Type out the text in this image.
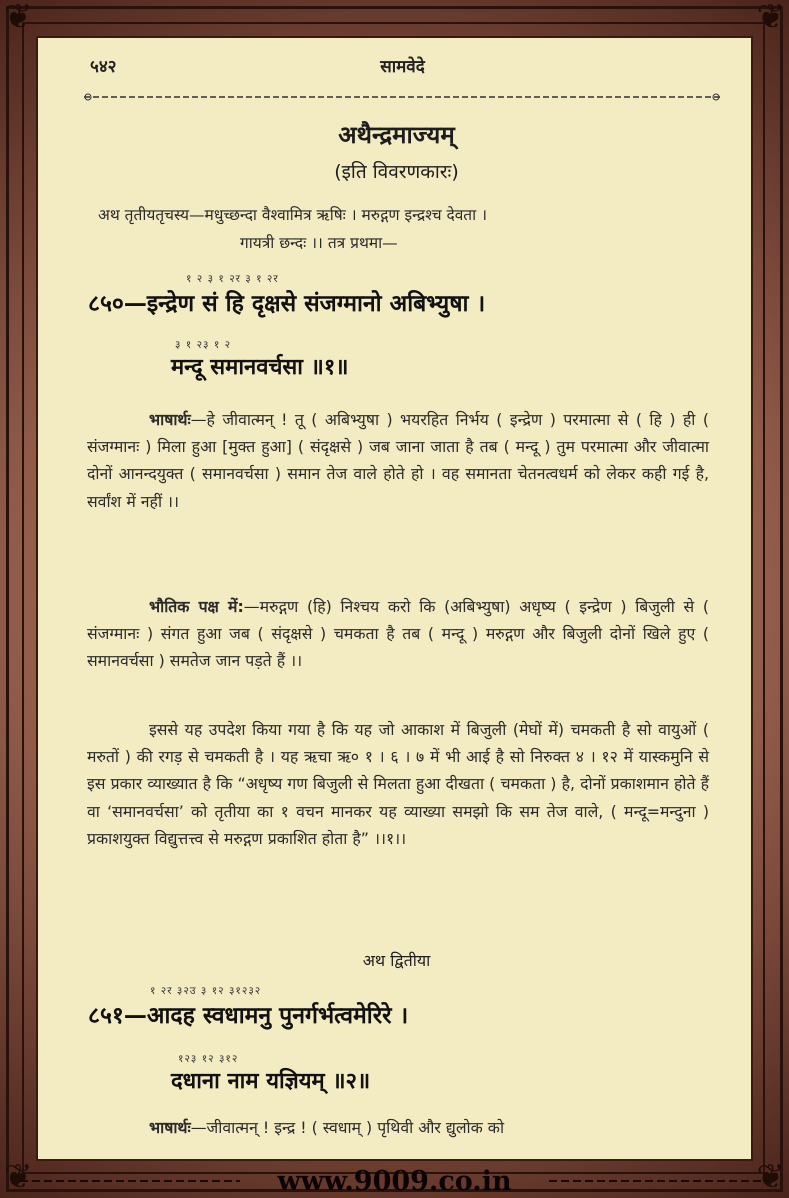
❦	❦
❦	❦
५४२	सामवेदे
अथैन्द्रमाज्यम्
(इति विवरणकारः)
अथ तृतीयतृचस्य—मधुच्छन्दा वैश्वामित्र ऋषिः । मरुद्गण इन्द्रश्च देवता ।
गायत्री छन्दः ।। तत्र प्रथमा—
१ २ ३ १ २र ३ १ २र
८५०—इन्द्रेण सं हि दृक्षसे संजग्मानो अबिभ्युषा ।
३ १ २३ १ २
मन्दू समानवर्चसा ॥१॥

भाषार्थः—हे जीवात्मन् ! तू ( अबिभ्युषा ) भयरहित निर्भय ( इन्द्रेण ) परमात्मा से ( हि ) ही ( संजग्मानः ) मिला हुआ [मुक्त हुआ] ( संदृक्षसे ) जब जाना जाता है तब ( मन्दू ) तुम परमात्मा और जीवात्मा दोनों आनन्दयुक्त ( समानवर्चसा ) समान तेज वाले होते हो । वह समानता चेतनत्वधर्म को लेकर कही गई है, सर्वांश में नहीं ।।

भौतिक पक्ष में:—मरुद्गण (हि) निश्चय करो कि (अबिभ्युषा) अधृष्य ( इन्द्रेण ) बिजुली से ( संजग्मानः ) संगत हुआ जब ( संदृक्षसे ) चमकता है तब ( मन्दू ) मरुद्गण और बिजुली दोनों खिले हुए ( समानवर्चसा ) समतेज जान पड़ते हैं ।।

इससे यह उपदेश किया गया है कि यह जो आकाश में बिजुली (मेघों में) चमकती है सो वायुओं ( मरुतों ) की रगड़ से चमकती है । यह ऋचा ऋ० १ । ६ । ७ में भी आई है सो निरुक्त ४ । १२ में यास्कमुनि से इस प्रकार व्याख्यात है कि “अधृष्य गण बिजुली से मिलता हुआ दीखता ( चमकता ) है, दोनों प्रकाशमान होते हैं वा ‘समानवर्चसा’ को तृतीया का १ वचन मानकर यह व्याख्या समझो कि सम तेज वाले, ( मन्दू=मन्दुना ) प्रकाशयुक्त विद्युत्तत्त्व से मरुद्गण प्रकाशित होता है” ।।१।।

अथ द्वितीया
१ २र ३२उ ३ १२ ३१२३२
८५१—आदह स्वधामनु पुनर्गर्भत्वमेरिरे ।
१२३ १२ ३१२
दधाना नाम यज्ञियम् ॥२॥

भाषार्थः—जीवात्मन् ! इन्द्र ! ( स्वधाम् ) पृथिवी और द्युलोक को

www.9009.co.in
